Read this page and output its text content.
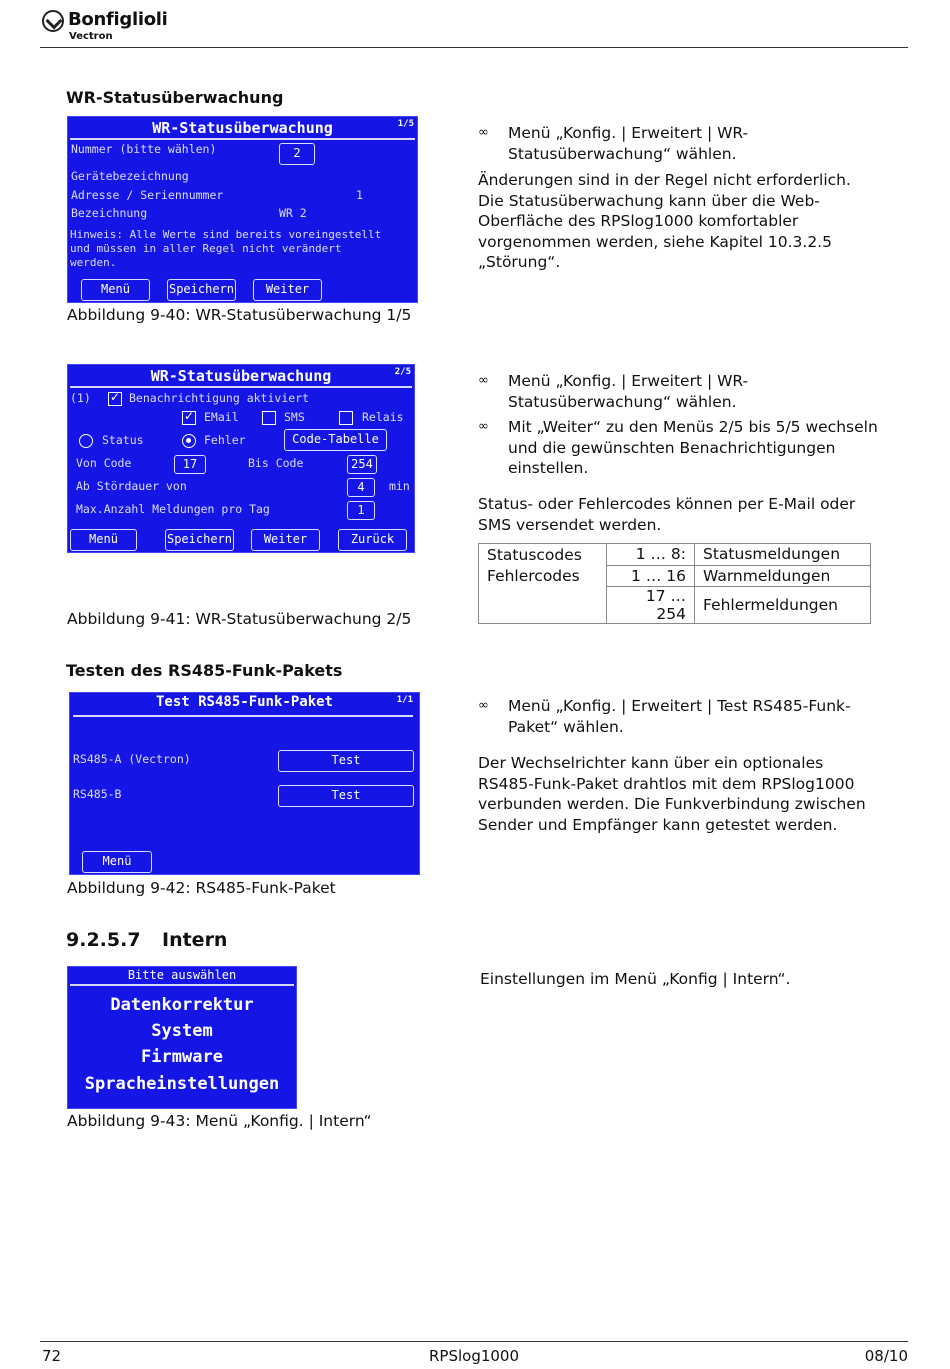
Bonfiglioli
Vectron
WR-Statusüberwachung
WR-Statusüberwachung	1/5
Nummer (bitte wählen)	2
Gerätebezeichnung
Adresse / Seriennummer	1
Bezeichnung	WR 2
Hinweis: Alle Werte sind bereits voreingestellt
und müssen in aller Regel nicht verändert
werden.
Menü	Speichern	Weiter
Abbildung 9-40: WR-Statusüberwachung 1/5
∞ Menü „Konfig. | Erweitert | WR-Statusüberwachung“ wählen.
Änderungen sind in der Regel nicht erforderlich. Die Statusüberwachung kann über die Web-Oberfläche des RPSlog1000 komfortabler vorgenommen werden, siehe Kapitel 10.3.2.5 „Störung“.
WR-Statusüberwachung	2/5
(1) ✓	Benachrichtigung aktiviert
✓
EMail	SMS	Relais
Status	Fehler	Code-Tabelle
Von Code	17	Bis Code	254
Ab Stördauer von	4	min
Max.Anzahl Meldungen pro Tag	1
Menü	Speichern	Weiter	Zurück
Abbildung 9-41: WR-Statusüberwachung 2/5
∞ Menü „Konfig. | Erweitert | WR-Statusüberwachung“ wählen.
∞ Mit „Weiter“ zu den Menüs 2/5 bis 5/5 wechseln und die gewünschten Benachrichtigungen einstellen.
Status- oder Fehlercodes können per E-Mail oder SMS versendet werden.
Statuscodes	1 … 8:	Statusmeldungen
Fehlercodes	1 … 16	Warnmeldungen
	17 … 254	Fehlermeldungen
Testen des RS485-Funk-Pakets
Test RS485-Funk-Paket	1/1
RS485-A (Vectron)	Test
RS485-B	Test
Menü
Abbildung 9-42: RS485-Funk-Paket
∞ Menü „Konfig. | Erweitert | Test RS485-Funk-Paket“ wählen.
Der Wechselrichter kann über ein optionales RS485-Funk-Paket drahtlos mit dem RPSlog1000 verbunden werden. Die Funkverbindung zwischen Sender und Empfänger kann getestet werden.
9.2.5.7 Intern
Bitte auswählen
Datenkorrektur
System
Firmware
Spracheinstellungen
Abbildung 9-43: Menü „Konfig. | Intern“
Einstellungen im Menü „Konfig | Intern“.
72	RPSlog1000	08/10
